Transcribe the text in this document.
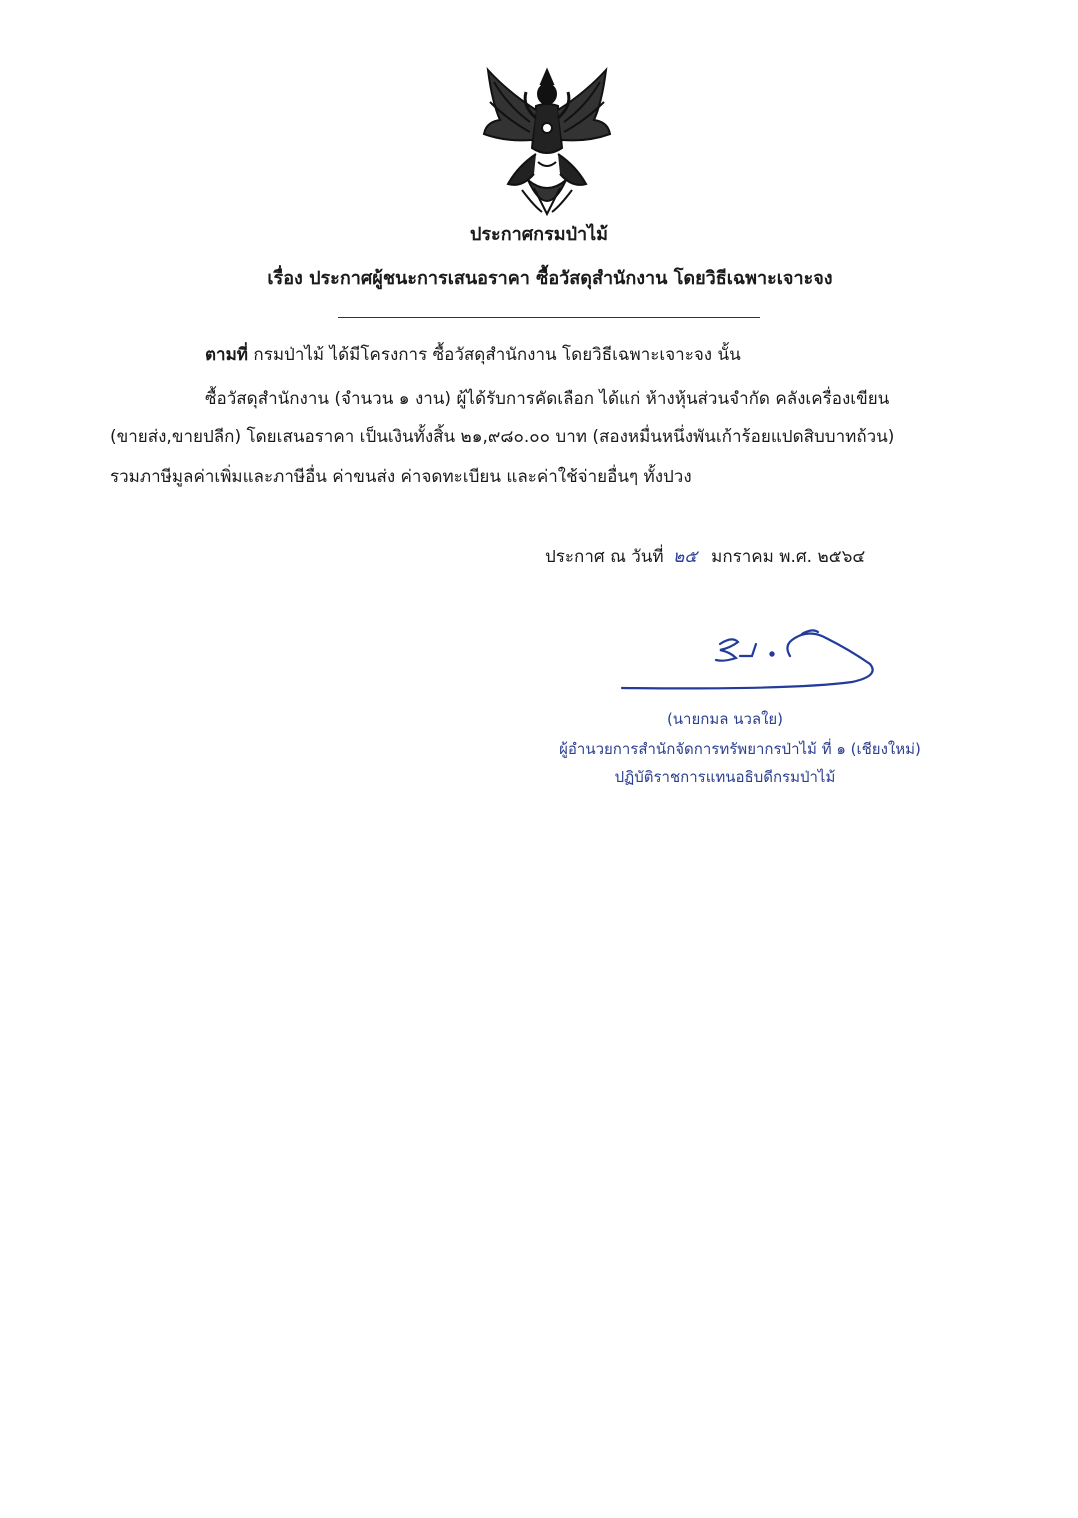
ประกาศกรมป่าไม้
เรื่อง ประกาศผู้ชนะการเสนอราคา ซื้อวัสดุสำนักงาน โดยวิธีเฉพาะเจาะจง
ตามที่ กรมป่าไม้ ได้มีโครงการ ซื้อวัสดุสำนักงาน โดยวิธีเฉพาะเจาะจง นั้น
ซื้อวัสดุสำนักงาน (จำนวน ๑ งาน) ผู้ได้รับการคัดเลือก ได้แก่ ห้างหุ้นส่วนจำกัด คลังเครื่องเขียน
(ขายส่ง,ขายปลีก) โดยเสนอราคา เป็นเงินทั้งสิ้น ๒๑,๙๘๐.๐๐ บาท (สองหมื่นหนึ่งพันเก้าร้อยแปดสิบบาทถ้วน)
รวมภาษีมูลค่าเพิ่มและภาษีอื่น ค่าขนส่ง ค่าจดทะเบียน และค่าใช้จ่ายอื่นๆ ทั้งปวง
ประกาศ ณ วันที่ ๒๕ มกราคม พ.ศ. ๒๕๖๔
(นายกมล นวลใย)
ผู้อำนวยการสำนักจัดการทรัพยากรป่าไม้ ที่ ๑ (เชียงใหม่)
ปฏิบัติราชการแทนอธิบดีกรมป่าไม้
